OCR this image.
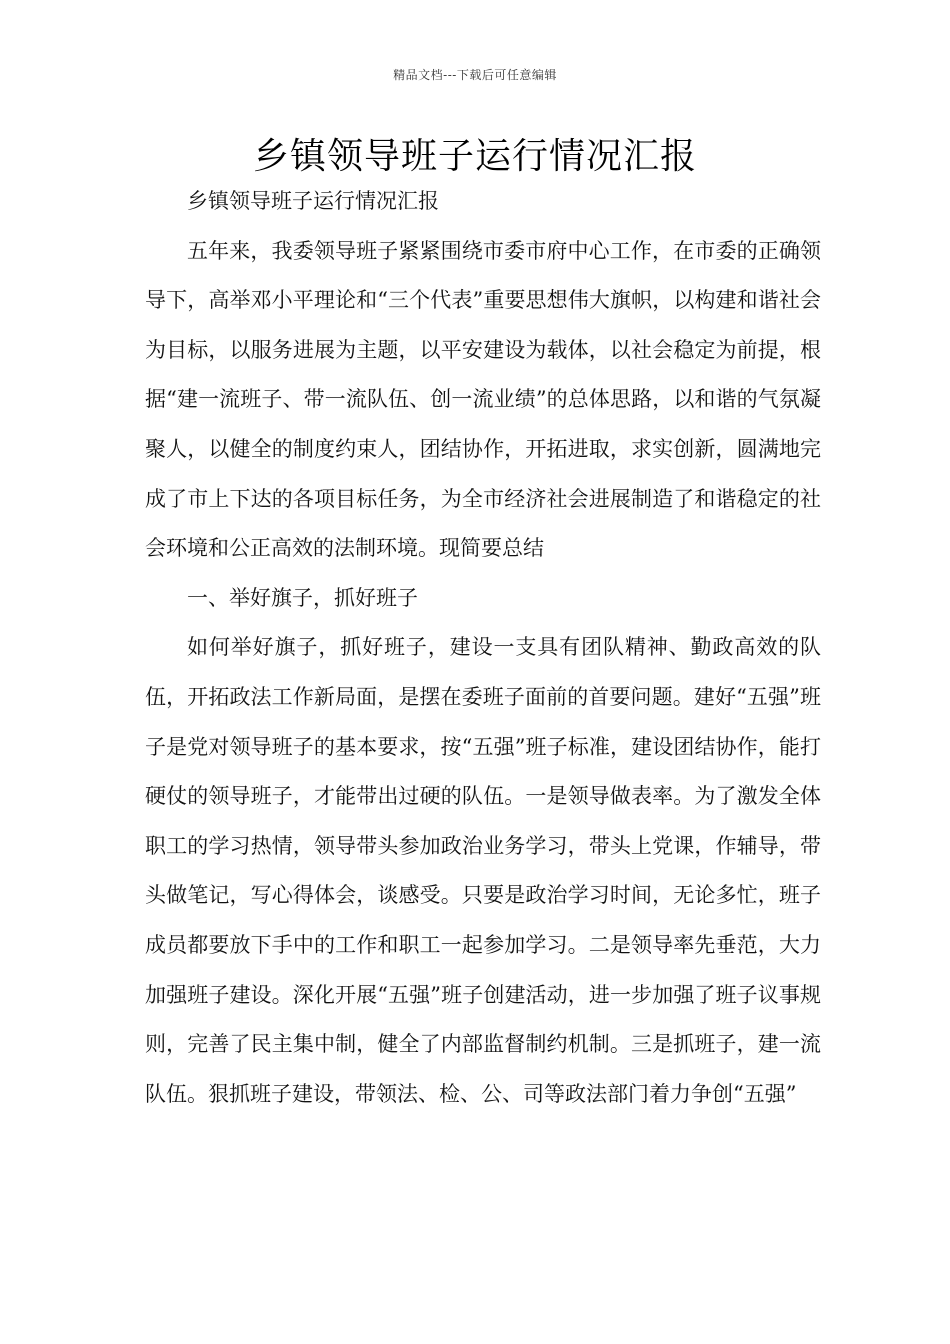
精品文档---下载后可任意编辑
乡镇领导班子运行情况汇报

乡镇领导班子运行情况汇报

五年来，我委领导班子紧紧围绕市委市府中心工作，在市委的正确领导下，高举邓小平理论和“三个代表”重要思想伟大旗帜，以构建和谐社会为目标，以服务进展为主题，以平安建设为载体，以社会稳定为前提，根据“建一流班子、带一流队伍、创一流业绩”的总体思路，以和谐的气氛凝聚人，以健全的制度约束人，团结协作，开拓进取，求实创新，圆满地完成了市上下达的各项目标任务，为全市经济社会进展制造了和谐稳定的社会环境和公正高效的法制环境。现简要总结

一、举好旗子，抓好班子

如何举好旗子，抓好班子，建设一支具有团队精神、勤政高效的队伍，开拓政法工作新局面，是摆在委班子面前的首要问题。建好“五强”班子是党对领导班子的基本要求，按“五强”班子标准，建设团结协作，能打硬仗的领导班子，才能带出过硬的队伍。一是领导做表率。为了激发全体职工的学习热情，领导带头参加政治业务学习，带头上党课，作辅导，带头做笔记，写心得体会，谈感受。只要是政治学习时间，无论多忙，班子成员都要放下手中的工作和职工一起参加学习。二是领导率先垂范，大力加强班子建设。深化开展“五强”班子创建活动，进一步加强了班子议事规则，完善了民主集中制，健全了内部监督制约机制。三是抓班子，建一流队伍。狠抓班子建设，带领法、检、公、司等政法部门着力争创“五强”
